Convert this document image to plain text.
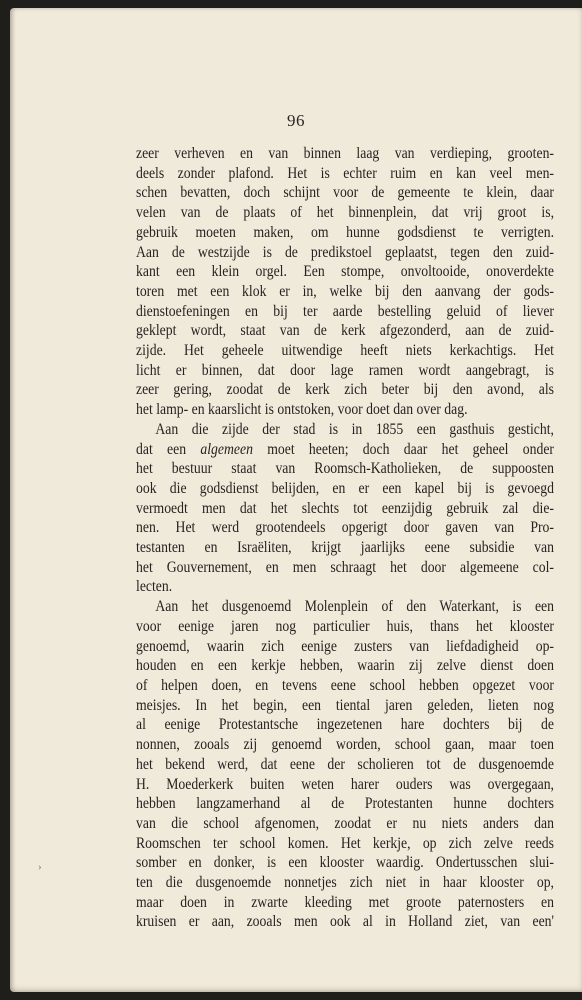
96
zeer verheven en van binnen laag van verdieping, grooten-
deels zonder plafond. Het is echter ruim en kan veel men-
schen bevatten, doch schijnt voor de gemeente te klein, daar
velen van de plaats of het binnenplein, dat vrij groot is,
gebruik moeten maken, om hunne godsdienst te verrigten.
Aan de westzijde is de predikstoel geplaatst, tegen den zuid-
kant een klein orgel. Een stompe, onvoltooide, onoverdekte
toren met een klok er in, welke bij den aanvang der gods-
dienstoefeningen en bij ter aarde bestelling geluid of liever
geklept wordt, staat van de kerk afgezonderd, aan de zuid-
zijde. Het geheele uitwendige heeft niets kerkachtigs. Het
licht er binnen, dat door lage ramen wordt aangebragt, is
zeer gering, zoodat de kerk zich beter bij den avond, als
het lamp- en kaarslicht is ontstoken, voor doet dan over dag.
Aan die zijde der stad is in 1855 een gasthuis gesticht,
dat een algemeen moet heeten; doch daar het geheel onder
het bestuur staat van Roomsch-Katholieken, de suppoosten
ook die godsdienst belijden, en er een kapel bij is gevoegd
vermoedt men dat het slechts tot eenzijdig gebruik zal die-
nen. Het werd grootendeels opgerigt door gaven van Pro-
testanten en Israëliten, krijgt jaarlijks eene subsidie van
het Gouvernement, en men schraagt het door algemeene col-
lecten.
Aan het dusgenoemd Molenplein of den Waterkant, is een
voor eenige jaren nog particulier huis, thans het klooster
genoemd, waarin zich eenige zusters van liefdadigheid op-
houden en een kerkje hebben, waarin zij zelve dienst doen
of helpen doen, en tevens eene school hebben opgezet voor
meisjes. In het begin, een tiental jaren geleden, lieten nog
al eenige Protestantsche ingezetenen hare dochters bij de
nonnen, zooals zij genoemd worden, school gaan, maar toen
het bekend werd, dat eene der scholieren tot de dusgenoemde
H. Moederkerk buiten weten harer ouders was overgegaan,
hebben langzamerhand al de Protestanten hunne dochters
van die school afgenomen, zoodat er nu niets anders dan
Roomschen ter school komen. Het kerkje, op zich zelve reeds
somber en donker, is een klooster waardig. Ondertusschen slui-
ten die dusgenoemde nonnetjes zich niet in haar klooster op,
maar doen in zwarte kleeding met groote paternosters en
kruisen er aan, zooals men ook al in Holland ziet, van een'
›
